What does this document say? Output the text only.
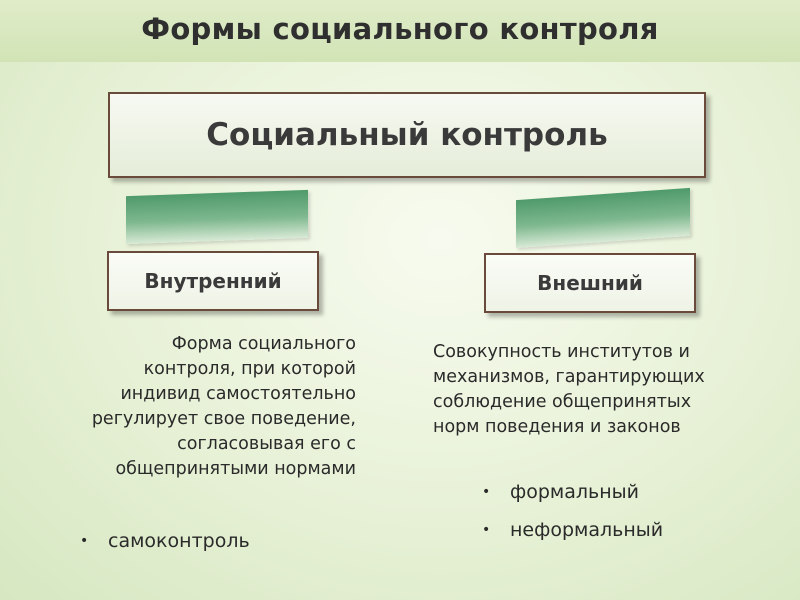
Формы социального контроля
Социальный контроль
Внутренний	Внешний
Форма социального
контроля, при которой
индивид самостоятельно
регулирует свое поведение,
согласовывая его с
общепринятыми нормами
Совокупность институтов и
механизмов, гарантирующих
соблюдение общепринятых
норм поведения и законов
•	самоконтроль
•	формальный
•	неформальный
